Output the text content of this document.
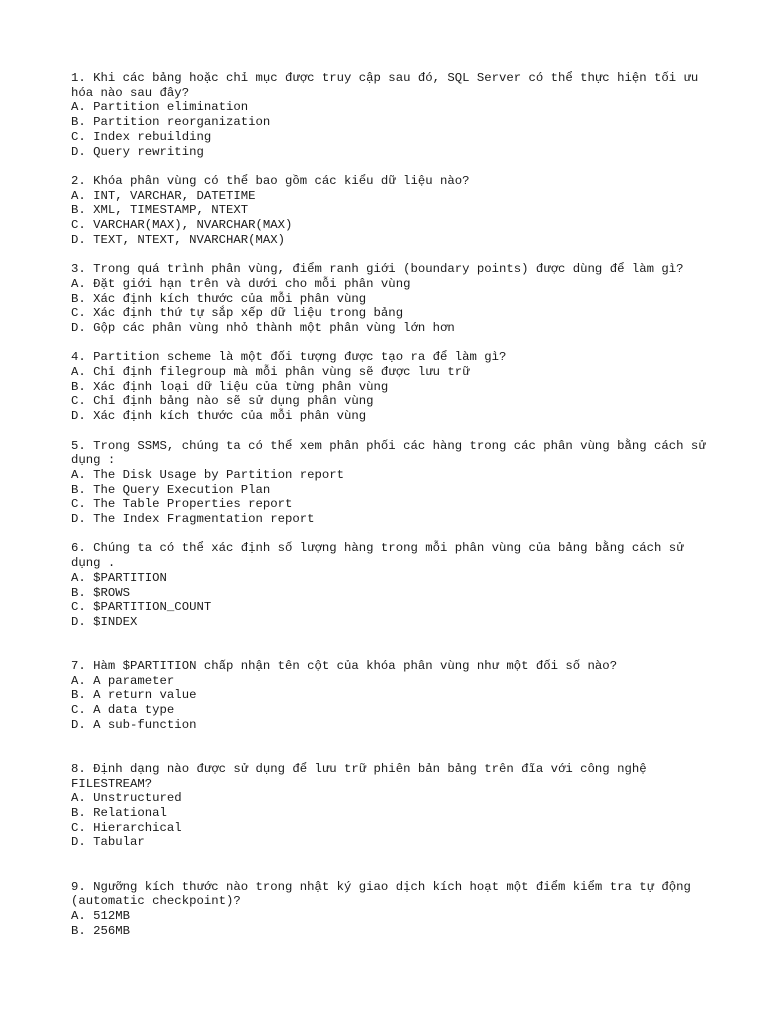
1. Khi các bảng hoặc chỉ mục được truy cập sau đó, SQL Server có thể thực hiện tối ưu hóa nào sau đây?
A. Partition elimination
B. Partition reorganization
C. Index rebuilding
D. Query rewriting
2. Khóa phân vùng có thể bao gồm các kiểu dữ liệu nào?
A. INT, VARCHAR, DATETIME
B. XML, TIMESTAMP, NTEXT
C. VARCHAR(MAX), NVARCHAR(MAX)
D. TEXT, NTEXT, NVARCHAR(MAX)
3. Trong quá trình phân vùng, điểm ranh giới (boundary points) được dùng để làm gì?
A. Đặt giới hạn trên và dưới cho mỗi phân vùng
B. Xác định kích thước của mỗi phân vùng
C. Xác định thứ tự sắp xếp dữ liệu trong bảng
D. Gộp các phân vùng nhỏ thành một phân vùng lớn hơn
4. Partition scheme là một đối tượng được tạo ra để làm gì?
A. Chỉ định filegroup mà mỗi phân vùng sẽ được lưu trữ
B. Xác định loại dữ liệu của từng phân vùng
C. Chỉ định bảng nào sẽ sử dụng phân vùng
D. Xác định kích thước của mỗi phân vùng
5. Trong SSMS, chúng ta có thể xem phân phối các hàng trong các phân vùng bằng cách sử dụng :
A. The Disk Usage by Partition report
B. The Query Execution Plan
C. The Table Properties report
D. The Index Fragmentation report
6. Chúng ta có thể xác định số lượng hàng trong mỗi phân vùng của bảng bằng cách sử dụng .
A. $PARTITION
B. $ROWS
C. $PARTITION_COUNT
D. $INDEX
7. Hàm $PARTITION chấp nhận tên cột của khóa phân vùng như một đối số nào?
A. A parameter
B. A return value
C. A data type
D. A sub-function
8. Định dạng nào được sử dụng để lưu trữ phiên bản bảng trên đĩa với công nghệ FILESTREAM?
A. Unstructured
B. Relational
C. Hierarchical
D. Tabular
9. Ngưỡng kích thước nào trong nhật ký giao dịch kích hoạt một điểm kiểm tra tự động (automatic checkpoint)?
A. 512MB
B. 256MB
